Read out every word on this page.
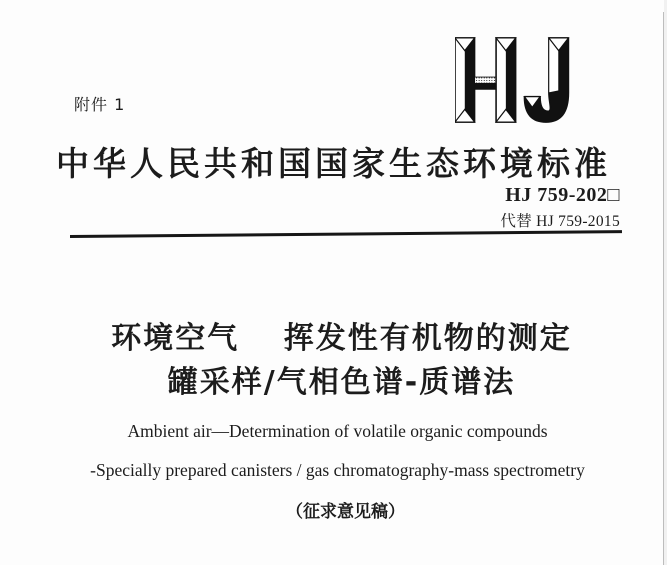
附件 1
中华人民共和国国家生态环境标准
HJ 759-202□
代替 HJ 759-2015
环境空气　 挥发性有机物的测定
罐采样/气相色谱-质谱法
Ambient air—Determination of volatile organic compounds
-Specially prepared canisters / gas chromatography-mass spectrometry
（征求意见稿）
